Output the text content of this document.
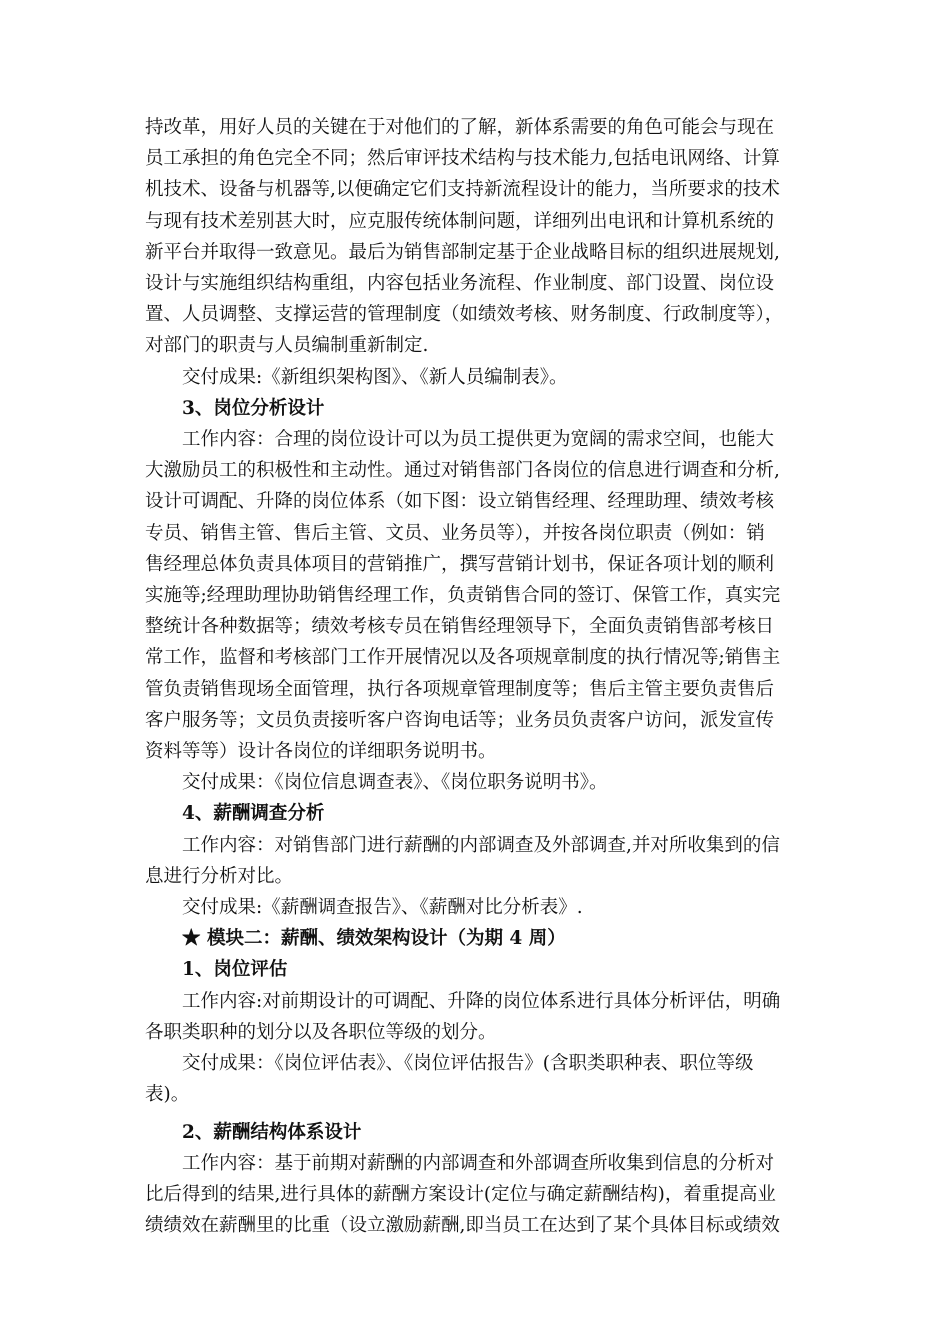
持改革，用好人员的关键在于对他们的了解，新体系需要的角色可能会与现在
员工承担的角色完全不同；然后审评技术结构与技术能力,包括电讯网络、计算
机技术、设备与机器等,以便确定它们支持新流程设计的能力，当所要求的技术
与现有技术差别甚大时，应克服传统体制问题，详细列出电讯和计算机系统的
新平台并取得一致意见。最后为销售部制定基于企业战略目标的组织进展规划,
设计与实施组织结构重组，内容包括业务流程、作业制度、部门设置、岗位设
置、人员调整、支撑运营的管理制度（如绩效考核、财务制度、行政制度等），
对部门的职责与人员编制重新制定.

交付成果:《新组织架构图》、《新人员编制表》。

3、岗位分析设计

工作内容：合理的岗位设计可以为员工提供更为宽阔的需求空间，也能大
大激励员工的积极性和主动性。通过对销售部门各岗位的信息进行调查和分析,
设计可调配、升降的岗位体系（如下图：设立销售经理、经理助理、绩效考核
专员、销售主管、售后主管、文员、业务员等），并按各岗位职责（例如：销
售经理总体负责具体项目的营销推广，撰写营销计划书，保证各项计划的顺利
实施等;经理助理协助销售经理工作，负责销售合同的签订、保管工作，真实完
整统计各种数据等；绩效考核专员在销售经理领导下，全面负责销售部考核日
常工作，监督和考核部门工作开展情况以及各项规章制度的执行情况等;销售主
管负责销售现场全面管理，执行各项规章管理制度等；售后主管主要负责售后
客户服务等；文员负责接听客户咨询电话等；业务员负责客户访问，派发宣传
资料等等）设计各岗位的详细职务说明书。

交付成果：《岗位信息调查表》、《岗位职务说明书》。

4、薪酬调查分析

工作内容：对销售部门进行薪酬的内部调查及外部调查,并对所收集到的信
息进行分析对比。

交付成果:《薪酬调查报告》、《薪酬对比分析表》.

★ 模块二：薪酬、绩效架构设计（为期 4 周）

1、岗位评估

工作内容:对前期设计的可调配、升降的岗位体系进行具体分析评估，明确
各职类职种的划分以及各职位等级的划分。
交付成果：《岗位评估表》、《岗位评估报告》(含职类职种表、职位等级
表)。

2、薪酬结构体系设计

工作内容：基于前期对薪酬的内部调查和外部调查所收集到信息的分析对
比后得到的结果,进行具体的薪酬方案设计(定位与确定薪酬结构)，着重提高业
绩绩效在薪酬里的比重（设立激励薪酬,即当员工在达到了某个具体目标或绩效
